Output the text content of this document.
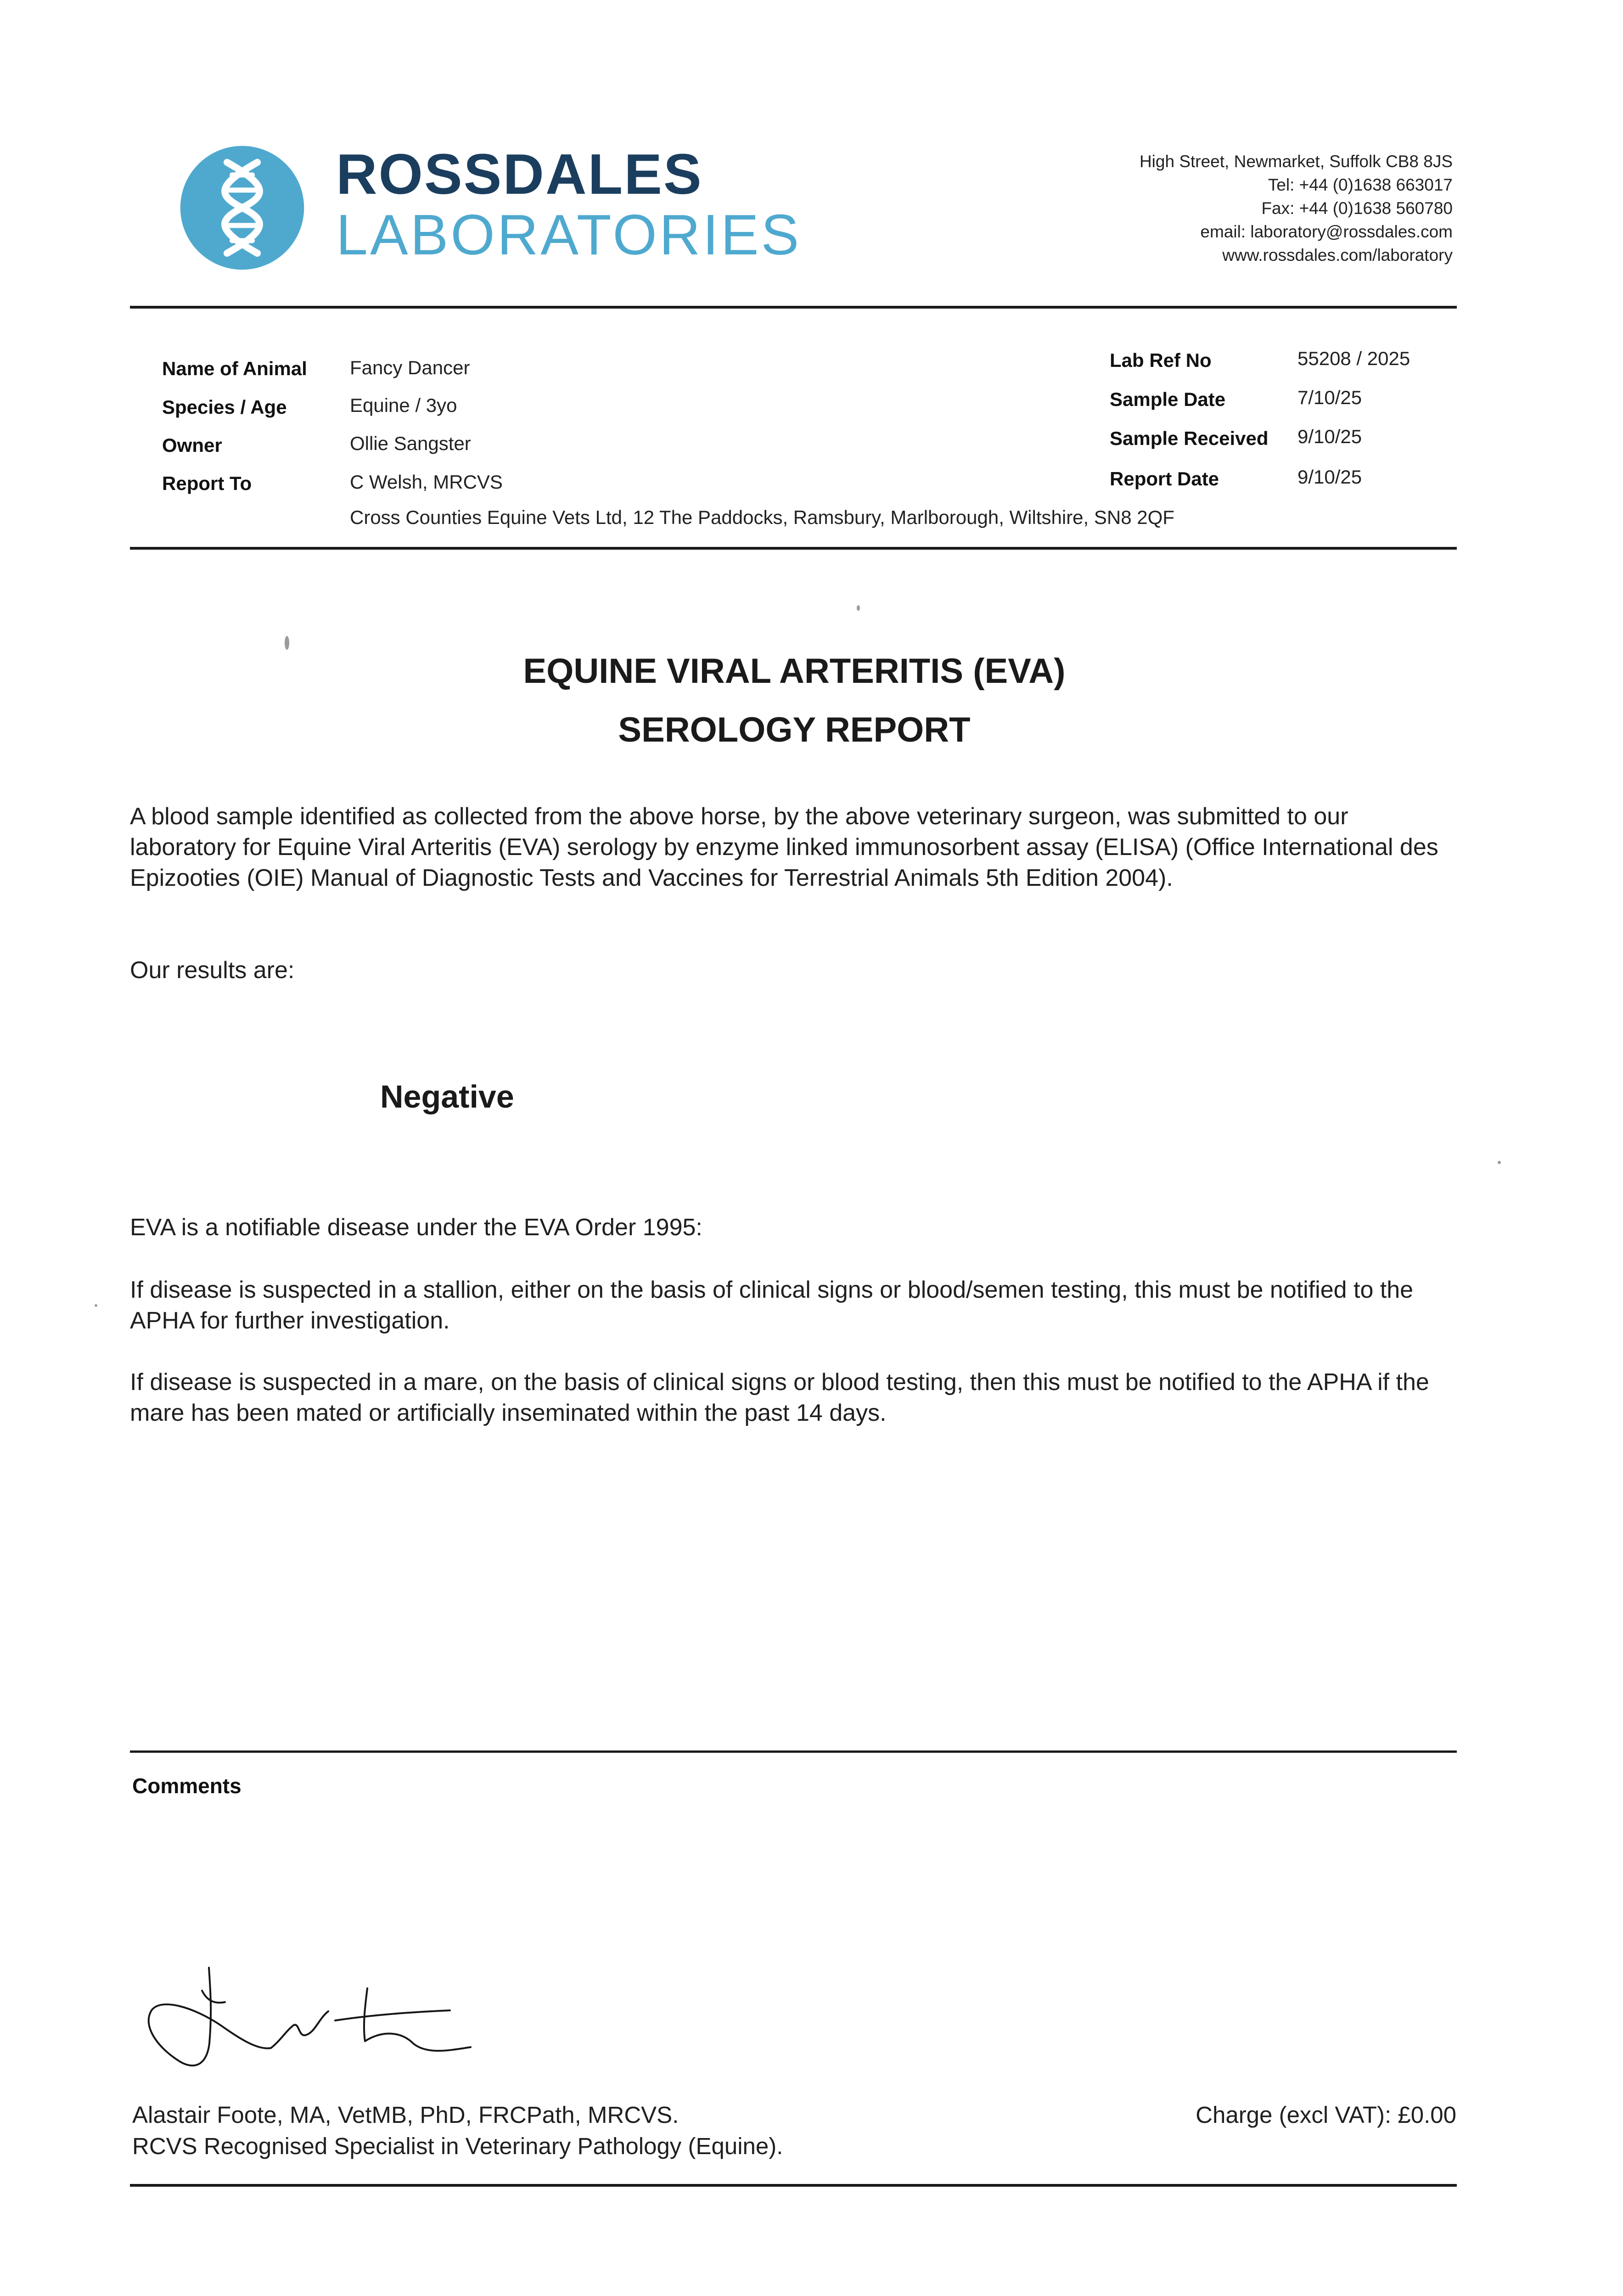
ROSSDALES
LABORATORIES
High Street, Newmarket, Suffolk CB8 8JS
Tel: +44 (0)1638 663017
Fax: +44 (0)1638 560780
email: laboratory@rossdales.com
www.rossdales.com/laboratory
Name of Animal Fancy Dancer
Species / Age	Equine / 3yo
Owner	Ollie Sangster
Report To	C Welsh, MRCVS
Cross Counties Equine Vets Ltd, 12 The Paddocks, Ramsbury, Marlborough, Wiltshire, SN8 2QF
Lab Ref No	55208 / 2025
Sample Date	7/10/25
Sample Received 9/10/25
Report Date	9/10/25
EQUINE VIRAL ARTERITIS (EVA)
SEROLOGY REPORT
A blood sample identified as collected from the above horse, by the above veterinary surgeon, was submitted to our laboratory for Equine Viral Arteritis (EVA) serology by enzyme linked immunosorbent assay (ELISA) (Office International des Epizooties (OIE) Manual of Diagnostic Tests and Vaccines for Terrestrial Animals 5th Edition 2004).
Our results are:
Negative
EVA is a notifiable disease under the EVA Order 1995:
If disease is suspected in a stallion, either on the basis of clinical signs or blood/semen testing, this must be notified to the APHA for further investigation.
If disease is suspected in a mare, on the basis of clinical signs or blood testing, then this must be notified to the APHA if the mare has been mated or artificially inseminated within the past 14 days.
Comments
Alastair Foote, MA, VetMB, PhD, FRCPath, MRCVS.
RCVS Recognised Specialist in Veterinary Pathology (Equine).
Charge (excl VAT): £0.00
